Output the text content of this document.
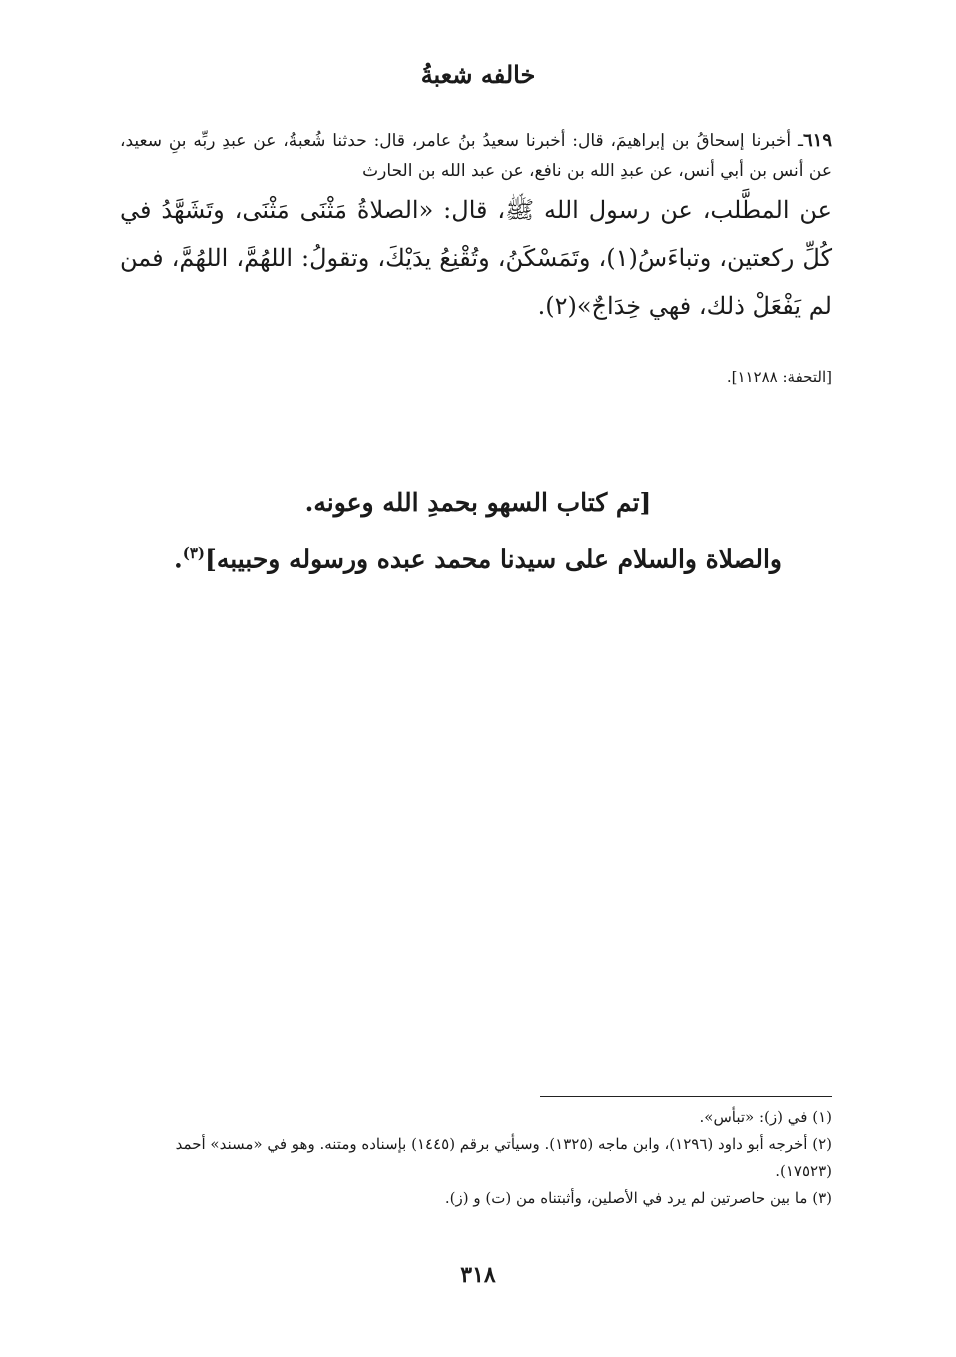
خالفه شعبةُ
٦١٩ـ أخبرنا إسحاقُ بن إبراهيمَ، قال: أخبرنا سعيدُ بنُ عامر، قال: حدثنا شُعبةُ، عن عبدِ ربِّه بنِ سعيد، عن أنس بن أبي أنس، عن عبدِ الله بن نافع، عن عبد الله بن الحارث
عن المطَّلب، عن رسول الله ﷺ، قال: «الصلاةُ مَثْنَى مَثْنَى، وتَشَهَّدُ في كُلِّ ركعتين، وتباءَسُ(١)، وتَمَسْكَنُ، وتُقْنِعُ يدَيْكَ، وتقولُ: اللهُمَّ، اللهُمَّ، فمن لم يَفْعَلْ ذلك، فهي خِدَاجٌ»(٢).
[التحفة: ١١٢٨٨].
[تم كتاب السهو بحمدِ الله وعونه.
والصلاة والسلام على سيدنا محمد عبده ورسوله وحبيبه]$^{(٣)}$.

(١) في (ز): «تبأس».

(٢) أخرجه أبو داود (١٢٩٦)، وابن ماجه (١٣٢٥). وسيأتي برقم (١٤٤٥) بإسناده ومتنه. وهو في «مسند» أحمد (١٧٥٢٣).

(٣) ما بين حاصرتين لم يرد في الأصلين، وأثبتناه من (ت) و (ز).

٣١٨
